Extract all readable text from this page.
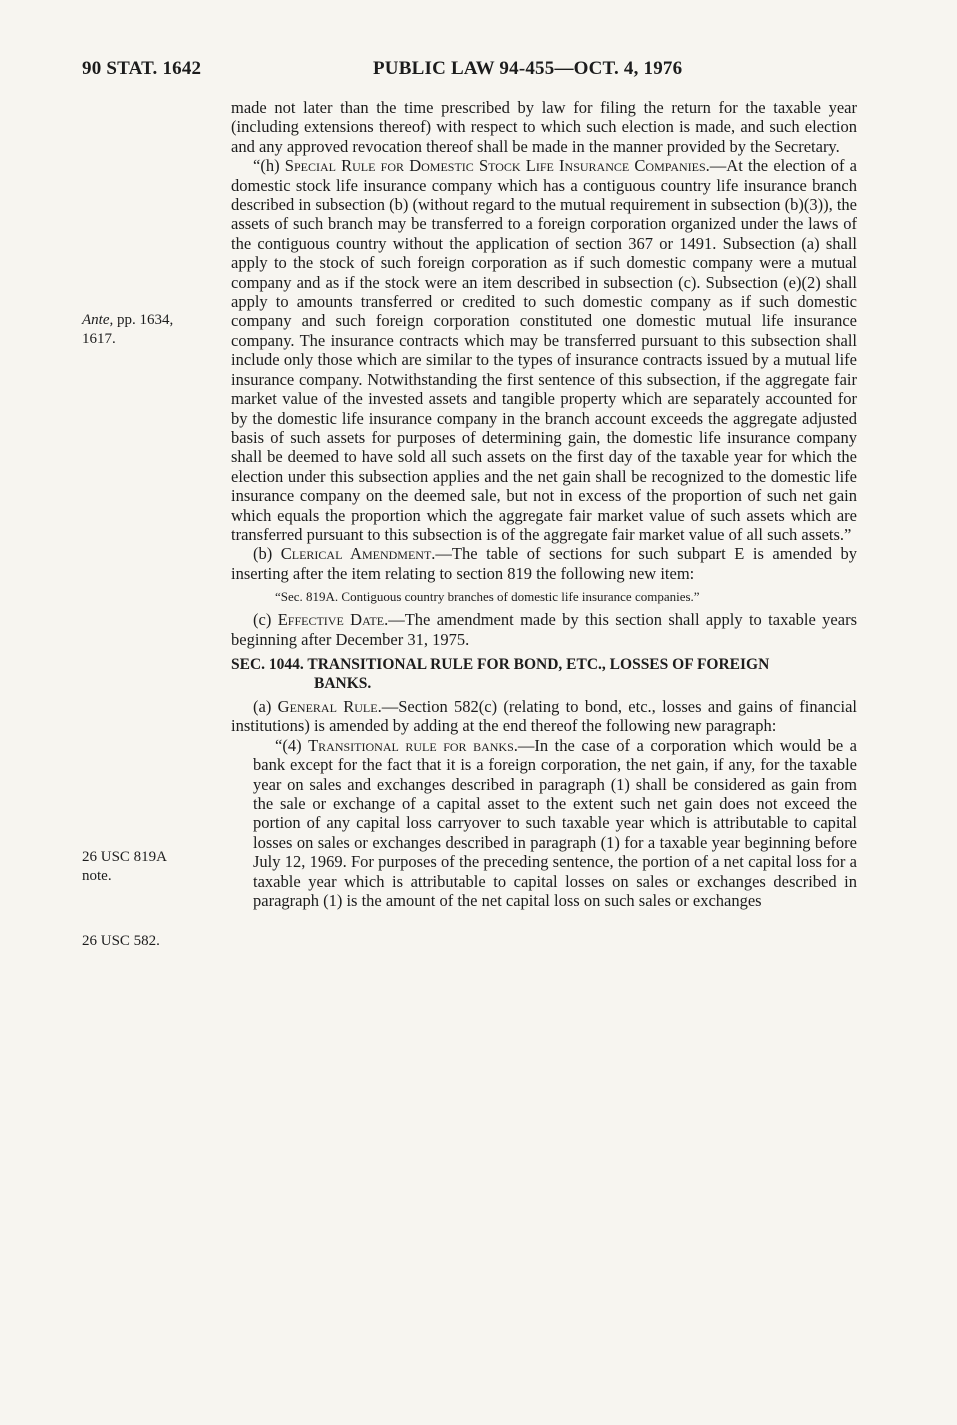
90 STAT. 1642	PUBLIC LAW 94-455—OCT. 4, 1976
Ante, pp. 1634,
1617.
26 USC 819A
note.
26 USC 582.

made not later than the time prescribed by law for filing the return for the taxable year (including extensions thereof) with respect to which such election is made, and such election and any approved revocation thereof shall be made in the manner provided by the Secretary.

“(h) Special Rule for Domestic Stock Life Insurance Companies.—At the election of a domestic stock life insurance company which has a contiguous country life insurance branch described in subsection (b) (without regard to the mutual requirement in subsection (b)(3)), the assets of such branch may be transferred to a foreign corporation organized under the laws of the contiguous country without the application of section 367 or 1491. Subsection (a) shall apply to the stock of such foreign corporation as if such domestic company were a mutual company and as if the stock were an item described in subsection (c). Subsection (e)(2) shall apply to amounts transferred or credited to such domestic company as if such domestic company and such foreign corporation constituted one domestic mutual life insurance company. The insurance contracts which may be transferred pursuant to this subsection shall include only those which are similar to the types of insurance contracts issued by a mutual life insurance company. Notwithstanding the first sentence of this subsection, if the aggregate fair market value of the invested assets and tangible property which are separately accounted for by the domestic life insurance company in the branch account exceeds the aggregate adjusted basis of such assets for purposes of determining gain, the domestic life insurance company shall be deemed to have sold all such assets on the first day of the taxable year for which the election under this subsection applies and the net gain shall be recognized to the domestic life insurance company on the deemed sale, but not in excess of the proportion of such net gain which equals the proportion which the aggregate fair market value of such assets which are transferred pursuant to this subsection is of the aggregate fair market value of all such assets.”

(b) Clerical Amendment.—The table of sections for such subpart E is amended by inserting after the item relating to section 819 the following new item:

“Sec. 819A. Contiguous country branches of domestic life insurance companies.”

(c) Effective Date.—The amendment made by this section shall apply to taxable years beginning after December 31, 1975.

SEC. 1044. TRANSITIONAL RULE FOR BOND, ETC., LOSSES OF FOREIGN
BANKS.

(a) General Rule.—Section 582(c) (relating to bond, etc., losses and gains of financial institutions) is amended by adding at the end thereof the following new paragraph:

“(4) Transitional rule for banks.—In the case of a corporation which would be a bank except for the fact that it is a foreign corporation, the net gain, if any, for the taxable year on sales and exchanges described in paragraph (1) shall be considered as gain from the sale or exchange of a capital asset to the extent such net gain does not exceed the portion of any capital loss carryover to such taxable year which is attributable to capital losses on sales or exchanges described in paragraph (1) for a taxable year beginning before July 12, 1969. For purposes of the preceding sentence, the portion of a net capital loss for a taxable year which is attributable to capital losses on sales or exchanges described in paragraph (1) is the amount of the net capital loss on such sales or exchanges
